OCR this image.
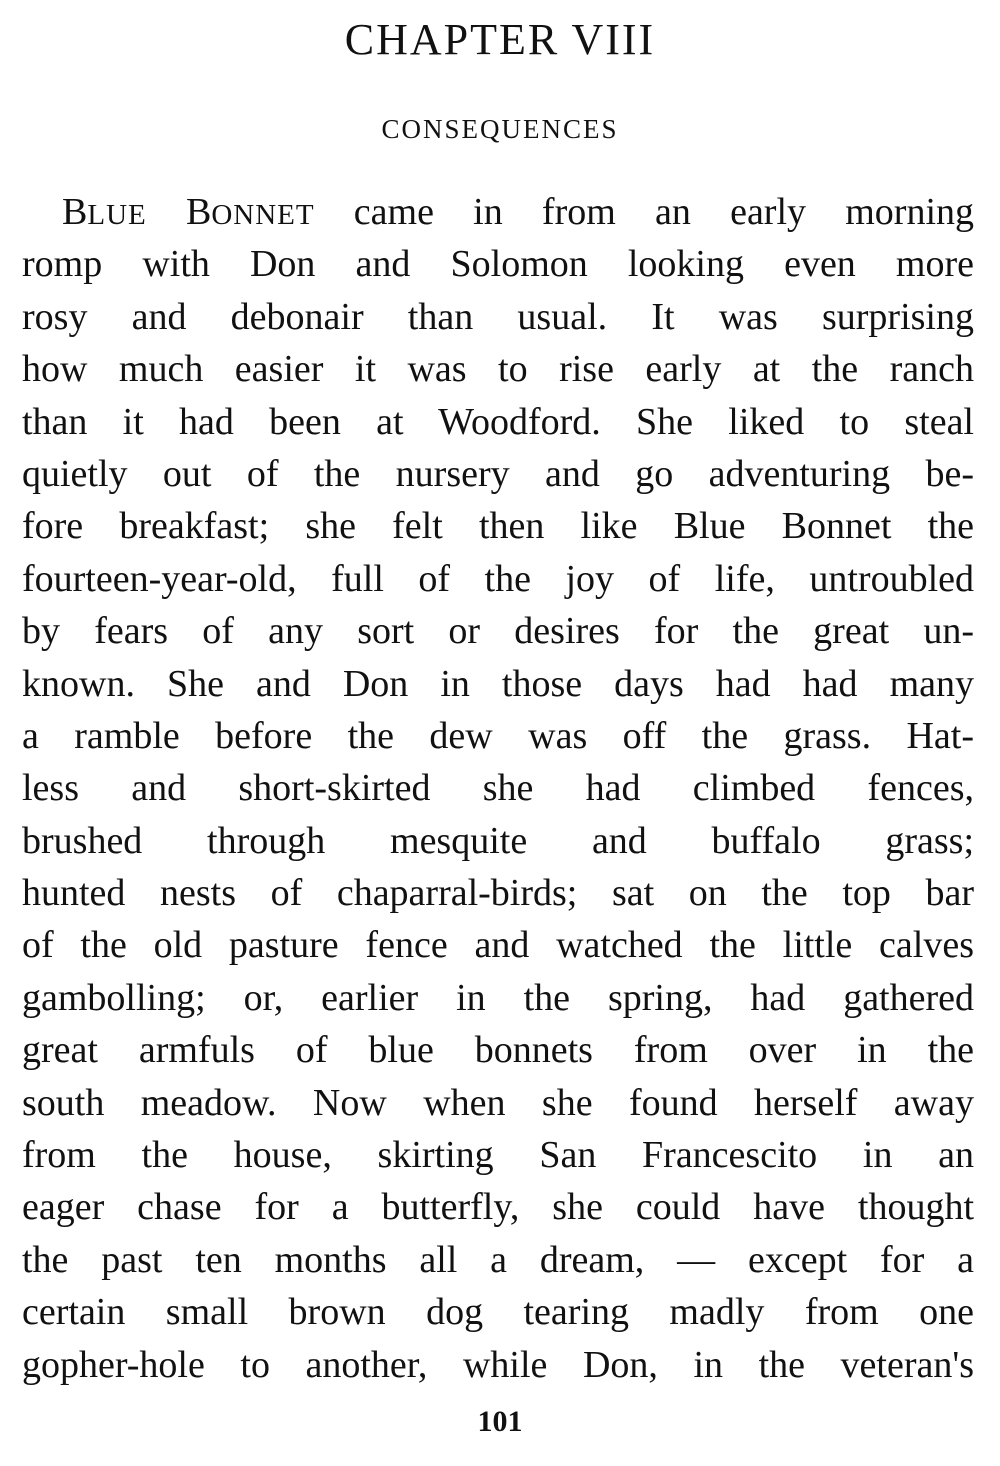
CHAPTER VIII
CONSEQUENCES
BLUE BONNET came in from an early morning
romp with Don and Solomon looking even more
rosy and debonair than usual. It was surprising
how much easier it was to rise early at the ranch
than it had been at Woodford. She liked to steal
quietly out of the nursery and go adventuring be-
fore breakfast; she felt then like Blue Bonnet the
fourteen-year-old, full of the joy of life, untroubled
by fears of any sort or desires for the great un-
known. She and Don in those days had had many
a ramble before the dew was off the grass. Hat-
less and short-skirted she had climbed fences,
brushed through mesquite and buffalo grass;
hunted nests of chaparral-birds; sat on the top bar
of the old pasture fence and watched the little calves
gambolling; or, earlier in the spring, had gathered
great armfuls of blue bonnets from over in the
south meadow. Now when she found herself away
from the house, skirting San Francescito in an
eager chase for a butterfly, she could have thought
the past ten months all a dream, — except for a
certain small brown dog tearing madly from one
gopher-hole to another, while Don, in the veteran's
101
